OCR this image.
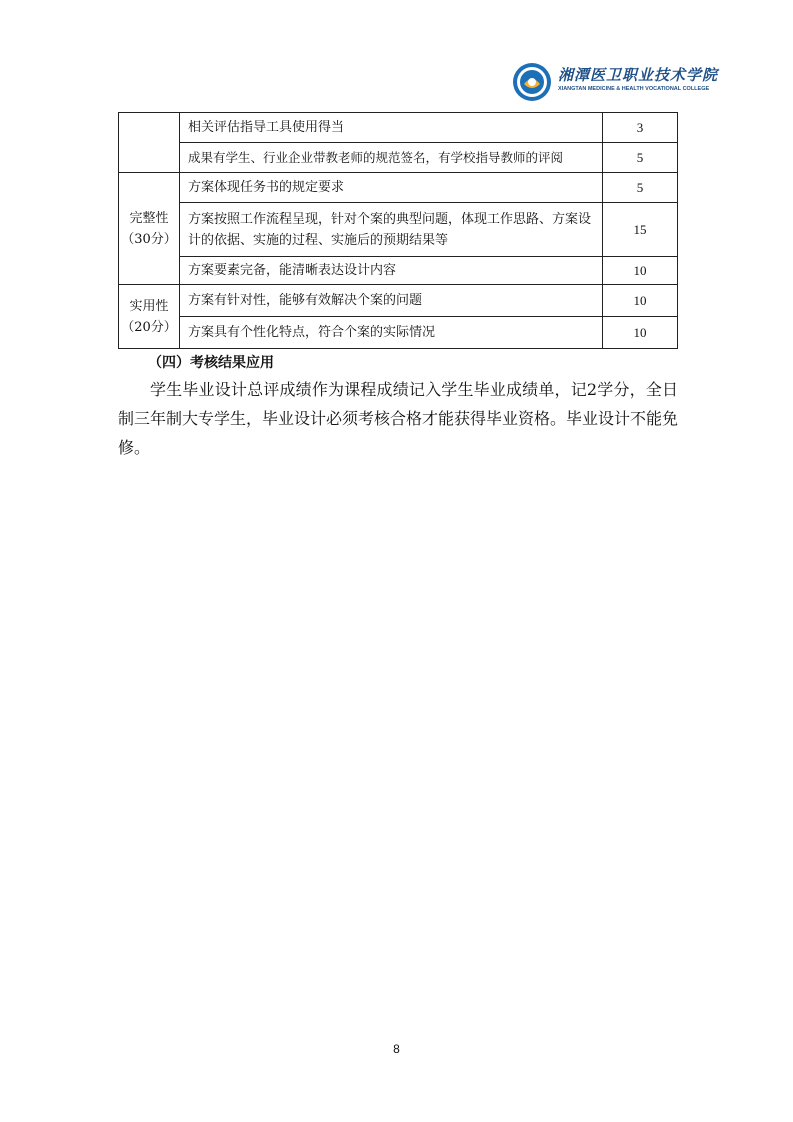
湘潭医卫职业技术学院
XIANGTAN MEDICINE & HEALTH VOCATIONAL COLLEGE
	相关评估指导工具使用得当	3
	成果有学生、行业企业带教老师的规范签名，有学校指导教师的评阅	5

完整性
（30分）	方案体现任务书的规定要求	5
	方案按照工作流程呈现，针对个案的典型问题，体现工作思路、方案设计的依据、实施的过程、实施后的预期结果等	15
	方案要素完备，能清晰表达设计内容	10

实用性
（20分）	方案有针对性，能够有效解决个案的问题	10
	方案具有个性化特点，符合个案的实际情况	10
（四）考核结果应用
学生毕业设计总评成绩作为课程成绩记入学生毕业成绩单，记2学分，全日制三年制大专学生，毕业设计必须考核合格才能获得毕业资格。毕业设计不能免修。
8
